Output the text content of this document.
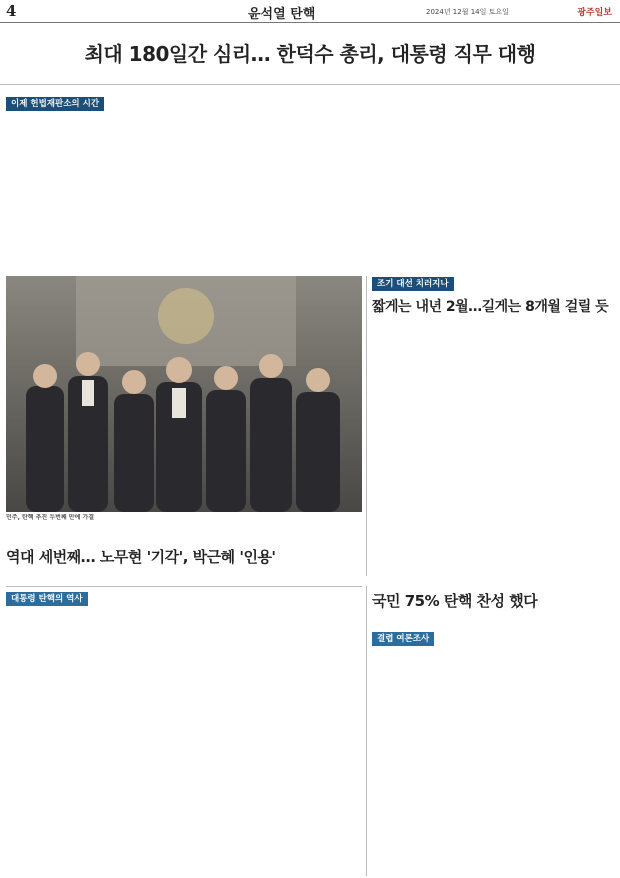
4	윤석열 탄핵	2024년 12월 14일 토요일	광주일보
최대 180일간 심리… 한덕수 총리, 대통령 직무 대행
이제 헌법재판소의 시간
민주, 탄핵 추진 두번째 만에 가결
조기 대선 치러지나
짧게는 내년 2월…길게는 8개월 걸릴 듯
역대 세번째… 노무현 '기각', 박근혜 '인용'
대통령 탄핵의 역사	국민 75% 탄핵 찬성 했다
결렵 여론조사
